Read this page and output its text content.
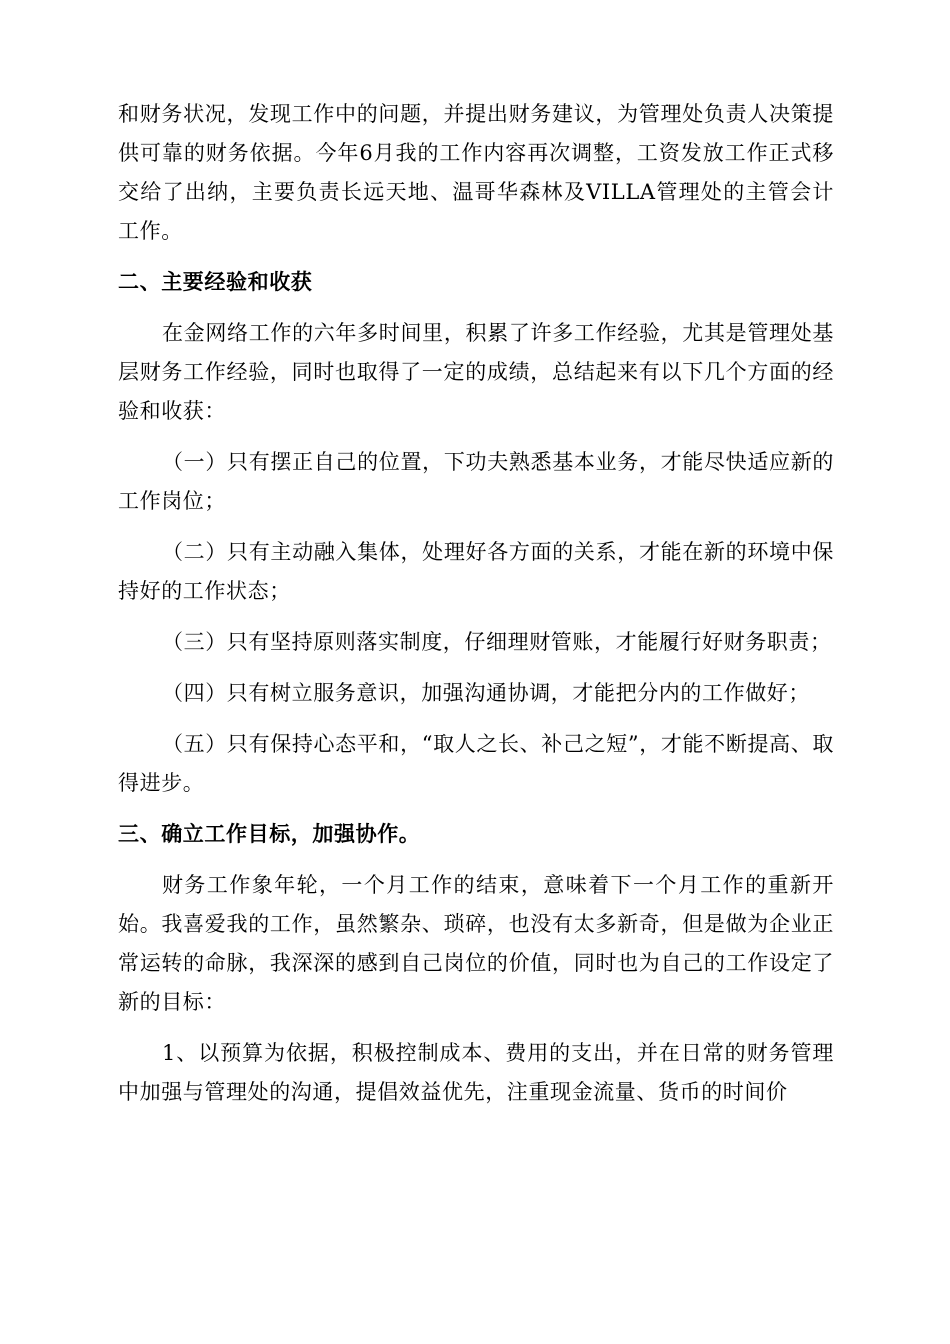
和财务状况，发现工作中的问题，并提出财务建议，为管理处负责人决策提供可靠的财务依据。今年6月我的工作内容再次调整，工资发放工作正式移交给了出纳，主要负责长远天地、温哥华森林及VILLA管理处的主管会计工作。

二、主要经验和收获

在金网络工作的六年多时间里，积累了许多工作经验，尤其是管理处基层财务工作经验，同时也取得了一定的成绩，总结起来有以下几个方面的经验和收获：

（一）只有摆正自己的位置，下功夫熟悉基本业务，才能尽快适应新的工作岗位；

（二）只有主动融入集体，处理好各方面的关系，才能在新的环境中保持好的工作状态；

（三）只有坚持原则落实制度，仔细理财管账，才能履行好财务职责；

（四）只有树立服务意识，加强沟通协调，才能把分内的工作做好；

（五）只有保持心态平和，“取人之长、补己之短”，才能不断提高、取得进步。

三、确立工作目标，加强协作。

财务工作象年轮，一个月工作的结束，意味着下一个月工作的重新开始。我喜爱我的工作，虽然繁杂、琐碎，也没有太多新奇，但是做为企业正常运转的命脉，我深深的感到自己岗位的价值，同时也为自己的工作设定了新的目标：

1、以预算为依据，积极控制成本、费用的支出，并在日常的财务管理中加强与管理处的沟通，提倡效益优先，注重现金流量、货币的时间价
